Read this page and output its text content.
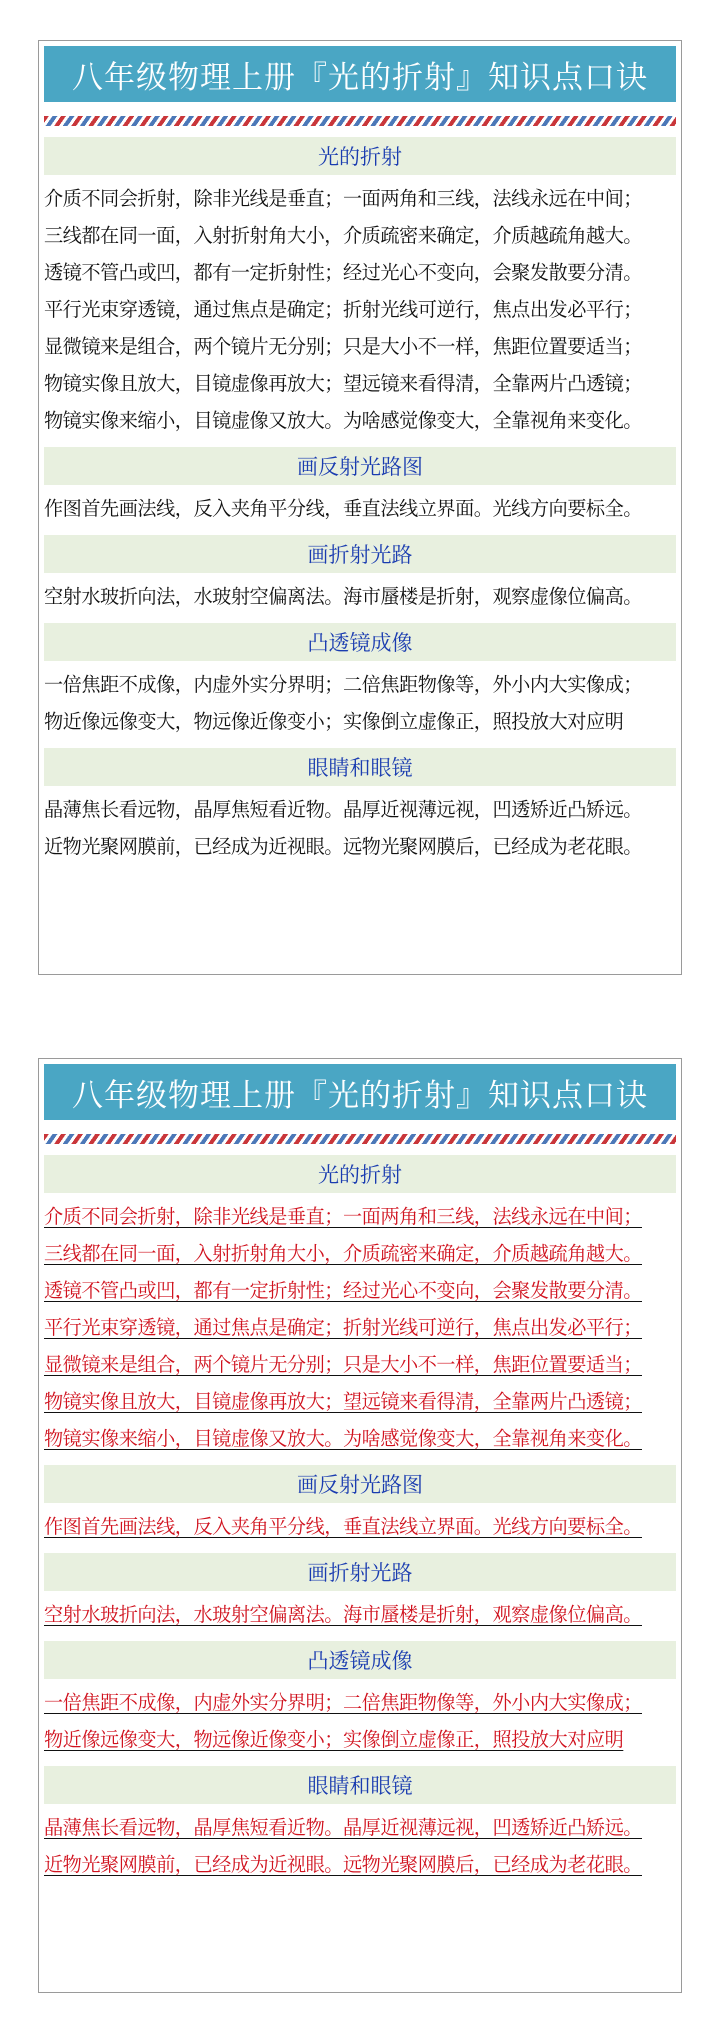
八年级物理上册『光的折射』知识点口诀
光的折射
介质不同会折射，除非光线是垂直；一面两角和三线，法线永远在中间；
三线都在同一面，入射折射角大小，介质疏密来确定，介质越疏角越大。
透镜不管凸或凹，都有一定折射性；经过光心不变向，会聚发散要分清。
平行光束穿透镜，通过焦点是确定；折射光线可逆行，焦点出发必平行；
显微镜来是组合，两个镜片无分别；只是大小不一样，焦距位置要适当；
物镜实像且放大，目镜虚像再放大；望远镜来看得清，全靠两片凸透镜；
物镜实像来缩小，目镜虚像又放大。为啥感觉像变大，全靠视角来变化。
画反射光路图
作图首先画法线，反入夹角平分线，垂直法线立界面。光线方向要标全。
画折射光路
空射水玻折向法，水玻射空偏离法。海市蜃楼是折射，观察虚像位偏高。
凸透镜成像
一倍焦距不成像，内虚外实分界明；二倍焦距物像等，外小内大实像成；
物近像远像变大，物远像近像变小；实像倒立虚像正，照投放大对应明
眼睛和眼镜
晶薄焦长看远物，晶厚焦短看近物。晶厚近视薄远视，凹透矫近凸矫远。
近物光聚网膜前，已经成为近视眼。远物光聚网膜后，已经成为老花眼。
八年级物理上册『光的折射』知识点口诀
光的折射
介质不同会折射，除非光线是垂直；一面两角和三线，法线永远在中间；
三线都在同一面，入射折射角大小，介质疏密来确定，介质越疏角越大。
透镜不管凸或凹，都有一定折射性；经过光心不变向，会聚发散要分清。
平行光束穿透镜，通过焦点是确定；折射光线可逆行，焦点出发必平行；
显微镜来是组合，两个镜片无分别；只是大小不一样，焦距位置要适当；
物镜实像且放大，目镜虚像再放大；望远镜来看得清，全靠两片凸透镜；
物镜实像来缩小，目镜虚像又放大。为啥感觉像变大，全靠视角来变化。
画反射光路图
作图首先画法线，反入夹角平分线，垂直法线立界面。光线方向要标全。
画折射光路
空射水玻折向法，水玻射空偏离法。海市蜃楼是折射，观察虚像位偏高。
凸透镜成像
一倍焦距不成像，内虚外实分界明；二倍焦距物像等，外小内大实像成；
物近像远像变大，物远像近像变小；实像倒立虚像正，照投放大对应明
眼睛和眼镜
晶薄焦长看远物，晶厚焦短看近物。晶厚近视薄远视，凹透矫近凸矫远。
近物光聚网膜前，已经成为近视眼。远物光聚网膜后，已经成为老花眼。
